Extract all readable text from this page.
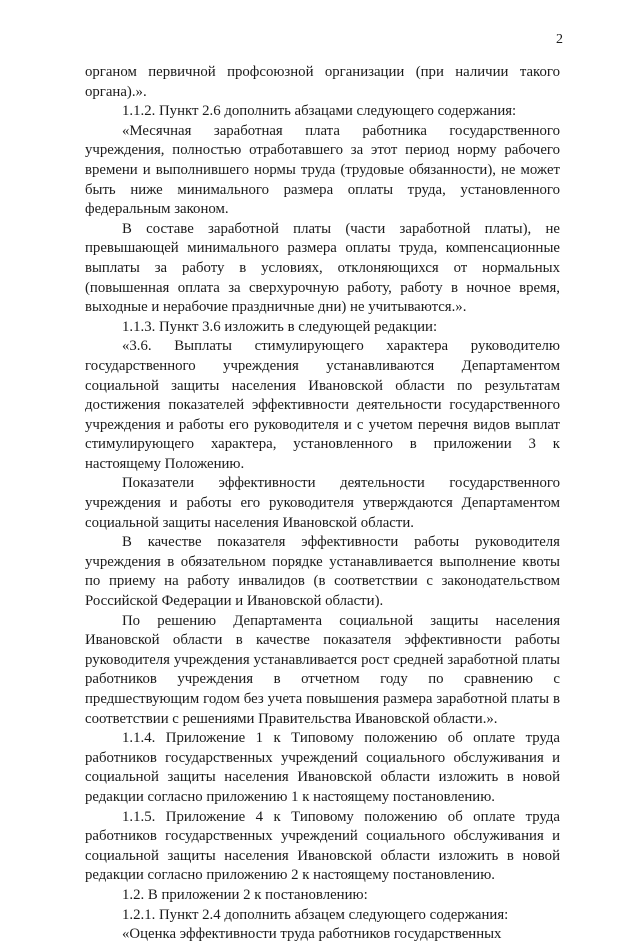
2

органом первичной профсоюзной организации (при наличии такого органа).».

1.1.2. Пункт 2.6 дополнить абзацами следующего содержания:

«Месячная заработная плата работника государственного учреждения, полностью отработавшего за этот период норму рабочего времени и выполнившего нормы труда (трудовые обязанности), не может быть ниже минимального размера оплаты труда, установленного федеральным законом.

В составе заработной платы (части заработной платы), не превышающей минимального размера оплаты труда, компенсационные выплаты за работу в условиях, отклоняющихся от нормальных (повышенная оплата за сверхурочную работу, работу в ночное время, выходные и нерабочие праздничные дни) не учитываются.».

1.1.3. Пункт 3.6 изложить в следующей редакции:

«3.6. Выплаты стимулирующего характера руководителю государственного учреждения устанавливаются Департаментом социальной защиты населения Ивановской области по результатам достижения показателей эффективности деятельности государственного учреждения и работы его руководителя и с учетом перечня видов выплат стимулирующего характера, установленного в приложении 3 к настоящему Положению.

Показатели эффективности деятельности государственного учреждения и работы его руководителя утверждаются Департаментом социальной защиты населения Ивановской области.

В качестве показателя эффективности работы руководителя учреждения в обязательном порядке устанавливается выполнение квоты по приему на работу инвалидов (в соответствии с законодательством Российской Федерации и Ивановской области).

По решению Департамента социальной защиты населения Ивановской области в качестве показателя эффективности работы руководителя учреждения устанавливается рост средней заработной платы работников учреждения в отчетном году по сравнению с предшествующим годом без учета повышения размера заработной платы в соответствии с решениями Правительства Ивановской области.».

1.1.4. Приложение 1 к Типовому положению об оплате труда работников государственных учреждений социального обслуживания и социальной защиты населения Ивановской области изложить в новой редакции согласно приложению 1 к настоящему постановлению.

1.1.5. Приложение 4 к Типовому положению об оплате труда работников государственных учреждений социального обслуживания и социальной защиты населения Ивановской области изложить в новой редакции согласно приложению 2 к настоящему постановлению.

1.2. В приложении 2 к постановлению:

1.2.1. Пункт 2.4 дополнить абзацем следующего содержания:

«Оценка эффективности труда работников государственных
